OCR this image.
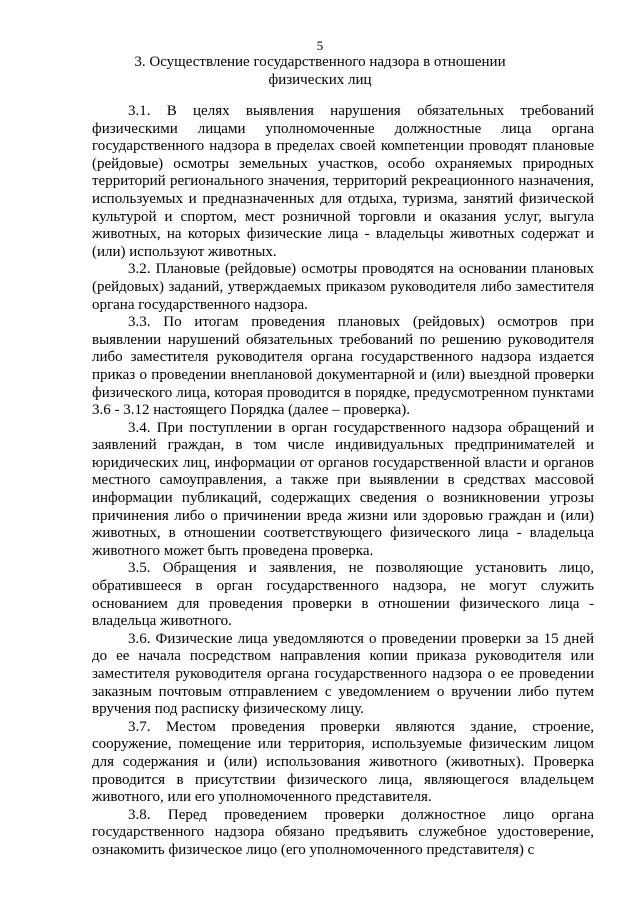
5
3. Осуществление государственного надзора в отношении физических лиц

3.1. В целях выявления нарушения обязательных требований физическими лицами уполномоченные должностные лица органа государственного надзора в пределах своей компетенции проводят плановые (рейдовые) осмотры земельных участков, особо охраняемых природных территорий регионального значения, территорий рекреационного назначения, используемых и предназначенных для отдыха, туризма, занятий физической культурой и спортом, мест розничной торговли и оказания услуг, выгула животных, на которых физические лица - владельцы животных содержат и (или) используют животных.

3.2. Плановые (рейдовые) осмотры проводятся на основании плановых (рейдовых) заданий, утверждаемых приказом руководителя либо заместителя органа государственного надзора.

3.3. По итогам проведения плановых (рейдовых) осмотров при выявлении нарушений обязательных требований по решению руководителя либо заместителя руководителя органа государственного надзора издается приказ о проведении внеплановой документарной и (или) выездной проверки физического лица, которая проводится в порядке, предусмотренном пунктами 3.6 - 3.12 настоящего Порядка (далее – проверка).

3.4. При поступлении в орган государственного надзора обращений и заявлений граждан, в том числе индивидуальных предпринимателей и юридических лиц, информации от органов государственной власти и органов местного самоуправления, а также при выявлении в средствах массовой информации публикаций, содержащих сведения о возникновении угрозы причинения либо о причинении вреда жизни или здоровью граждан и (или) животных, в отношении соответствующего физического лица - владельца животного может быть проведена проверка.

3.5. Обращения и заявления, не позволяющие установить лицо, обратившееся в орган государственного надзора, не могут служить основанием для проведения проверки в отношении физического лица - владельца животного.

3.6. Физические лица уведомляются о проведении проверки за 15 дней до ее начала посредством направления копии приказа руководителя или заместителя руководителя органа государственного надзора о ее проведении заказным почтовым отправлением с уведомлением о вручении либо путем вручения под расписку физическому лицу.

3.7. Местом проведения проверки являются здание, строение, сооружение, помещение или территория, используемые физическим лицом для содержания и (или) использования животного (животных). Проверка проводится в присутствии физического лица, являющегося владельцем животного, или его уполномоченного представителя.

3.8. Перед проведением проверки должностное лицо органа государственного надзора обязано предъявить служебное удостоверение, ознакомить физическое лицо (его уполномоченного представителя) с
